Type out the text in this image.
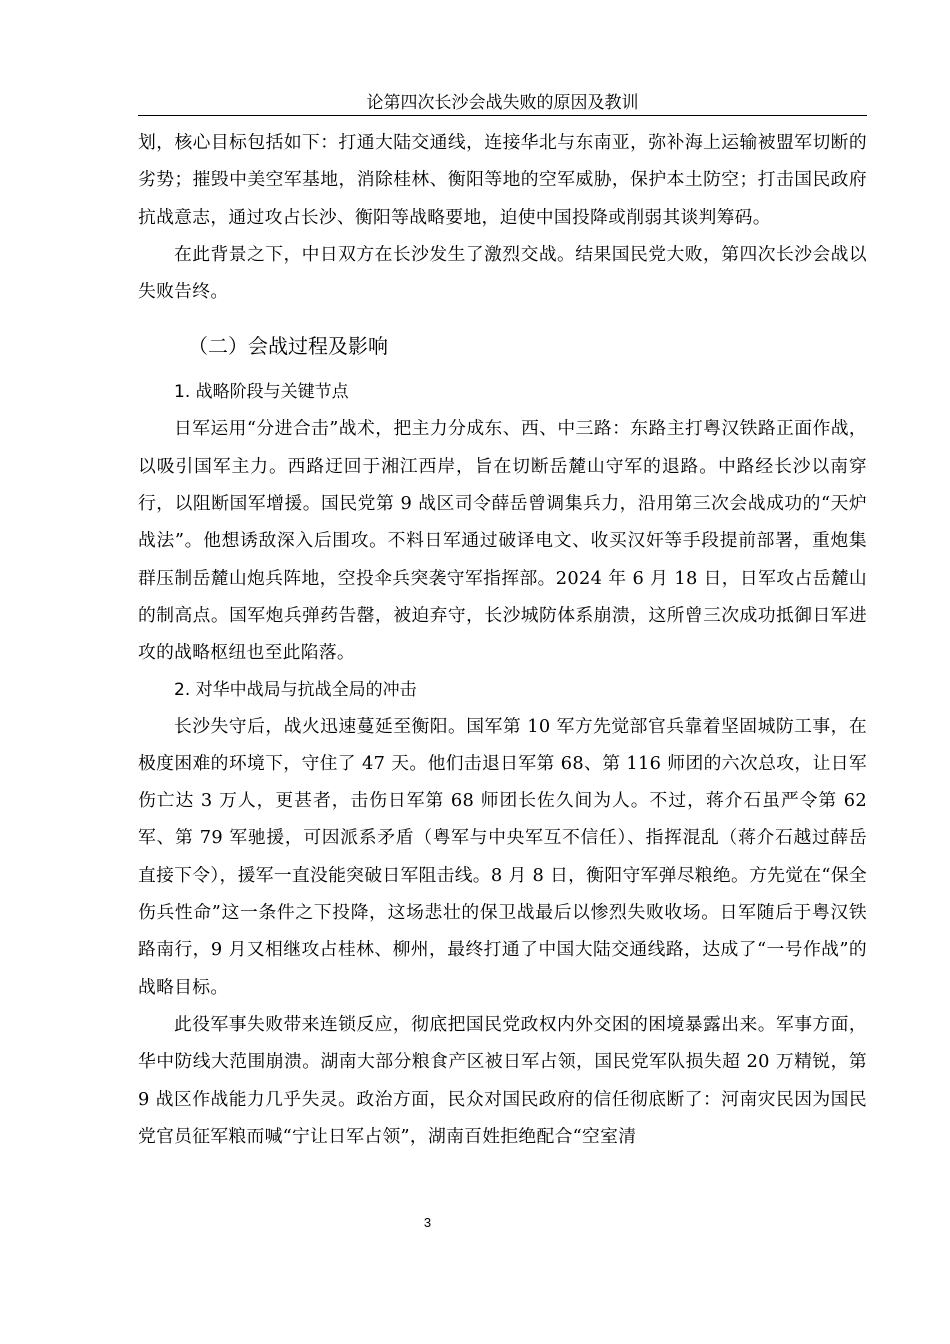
论第四次长沙会战失败的原因及教训

划，核心目标包括如下：打通大陆交通线，连接华北与东南亚，弥补海上运输被盟军切断的劣势；摧毁中美空军基地，消除桂林、衡阳等地的空军威胁，保护本土防空；打击国民政府抗战意志，通过攻占长沙、衡阳等战略要地，迫使中国投降或削弱其谈判筹码。

在此背景之下，中日双方在长沙发生了激烈交战。结果国民党大败，第四次长沙会战以失败告终。

（二）会战过程及影响
1. 战略阶段与关键节点

日军运用“分进合击”战术，把主力分成东、西、中三路：东路主打粤汉铁路正面作战，以吸引国军主力。西路迂回于湘江西岸，旨在切断岳麓山守军的退路。中路经长沙以南穿行，以阻断国军增援。国民党第 9 战区司令薛岳曾调集兵力，沿用第三次会战成功的“天炉战法”。他想诱敌深入后围攻。不料日军通过破译电文、收买汉奸等手段提前部署，重炮集群压制岳麓山炮兵阵地，空投伞兵突袭守军指挥部。2024 年 6 月 18 日，日军攻占岳麓山的制高点。国军炮兵弹药告罄，被迫弃守，长沙城防体系崩溃，这所曾三次成功抵御日军进攻的战略枢纽也至此陷落。

2. 对华中战局与抗战全局的冲击

长沙失守后，战火迅速蔓延至衡阳。国军第 10 军方先觉部官兵靠着坚固城防工事，在极度困难的环境下，守住了 47 天。他们击退日军第 68、第 116 师团的六次总攻，让日军伤亡达 3 万人，更甚者，击伤日军第 68 师团长佐久间为人。不过，蒋介石虽严令第 62 军、第 79 军驰援，可因派系矛盾（粤军与中央军互不信任）、指挥混乱（蒋介石越过薛岳直接下令），援军一直没能突破日军阻击线。8 月 8 日，衡阳守军弹尽粮绝。方先觉在“保全伤兵性命”这一条件之下投降，这场悲壮的保卫战最后以惨烈失败收场。日军随后于粤汉铁路南行，9 月又相继攻占桂林、柳州，最终打通了中国大陆交通线路，达成了“一号作战”的战略目标。

此役军事失败带来连锁反应，彻底把国民党政权内外交困的困境暴露出来。军事方面，华中防线大范围崩溃。湖南大部分粮食产区被日军占领，国民党军队损失超 20 万精锐，第 9 战区作战能力几乎失灵。政治方面，民众对国民政府的信任彻底断了：河南灾民因为国民党官员征军粮而喊“宁让日军占领”，湖南百姓拒绝配合“空室清

3
